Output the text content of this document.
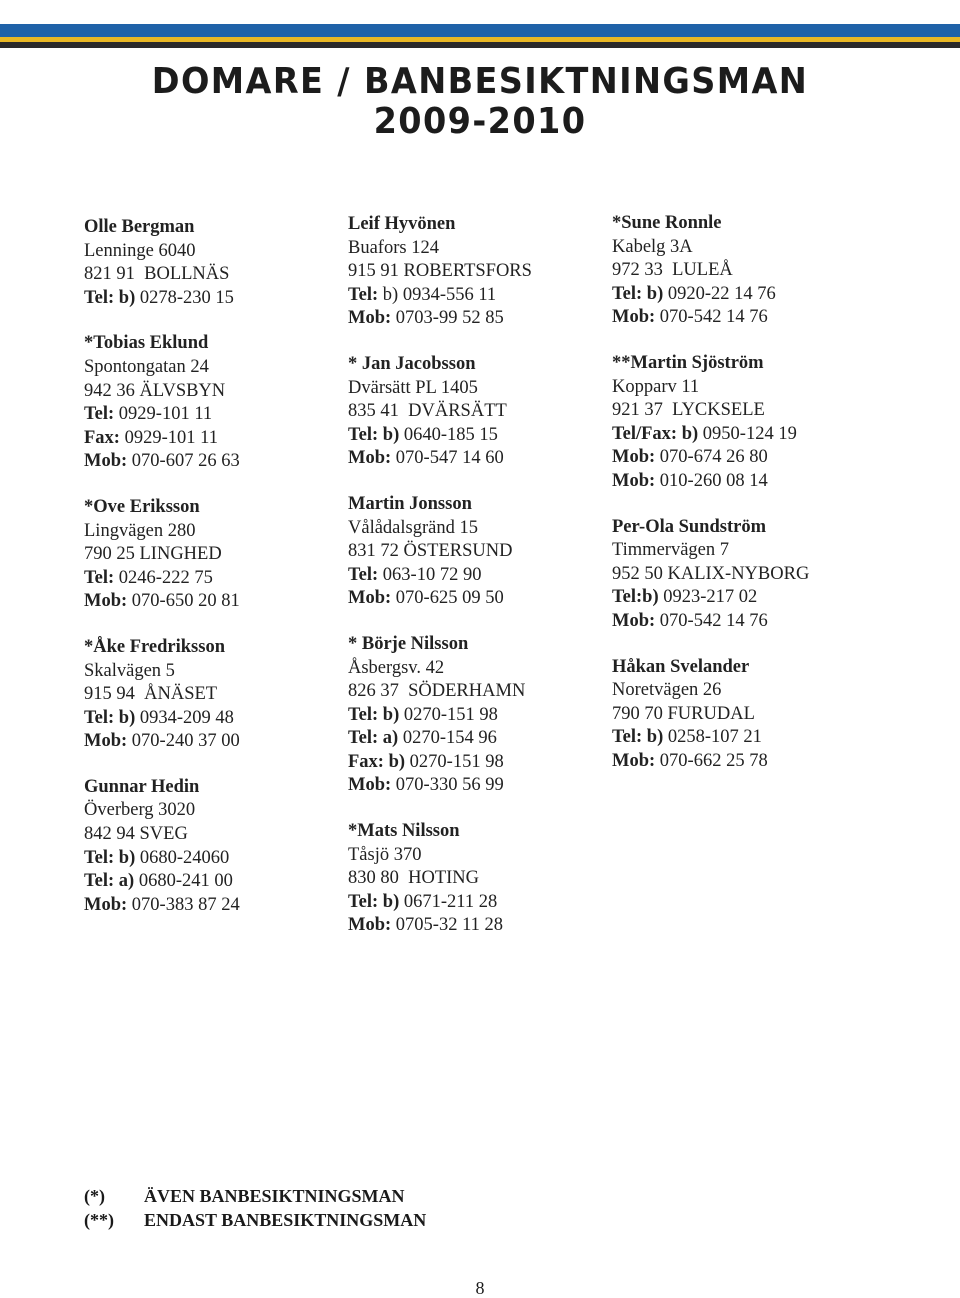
DOMARE / BANBESIKTNINGSMAN
2009-2010
Olle Bergman
Lenninge 6040
821 91  BOLLNÄS
Tel: b) 0278-230 15
*Tobias Eklund
Spontongatan 24
942 36 ÄLVSBYN
Tel: 0929-101 11
Fax: 0929-101 11
Mob: 070-607 26 63
*Ove Eriksson
Lingvägen 280
790 25 LINGHED
Tel: 0246-222 75
Mob: 070-650 20 81
*Åke Fredriksson
Skalvägen 5
915 94  ÅNÄSET
Tel: b) 0934-209 48
Mob: 070-240 37 00
Gunnar Hedin
Överberg 3020
842 94 SVEG
Tel: b) 0680-24060
Tel: a) 0680-241 00
Mob: 070-383 87 24
Leif Hyvönen
Buafors 124
915 91 ROBERTSFORS
Tel: b) 0934-556 11
Mob: 0703-99 52 85
* Jan Jacobsson
Dvärsätt PL 1405
835 41  DVÄRSÄTT
Tel: b) 0640-185 15
Mob: 070-547 14 60
Martin Jonsson
Vålådalsgränd 15
831 72 ÖSTERSUND
Tel: 063-10 72 90
Mob: 070-625 09 50
* Börje Nilsson
Åsbergsv. 42
826 37  SÖDERHAMN
Tel: b) 0270-151 98
Tel: a) 0270-154 96
Fax: b) 0270-151 98
Mob: 070-330 56 99
*Mats Nilsson
Tåsjö 370
830 80  HOTING
Tel: b) 0671-211 28
Mob: 0705-32 11 28
*Sune Ronnle
Kabelg 3A
972 33  LULEÅ
Tel: b) 0920-22 14 76
Mob: 070-542 14 76
**Martin Sjöström
Kopparv 11
921 37  LYCKSELE
Tel/Fax: b) 0950-124 19
Mob: 070-674 26 80
Mob: 010-260 08 14
Per-Ola Sundström
Timmervägen 7
952 50 KALIX-NYBORG
Tel:b) 0923-217 02
Mob: 070-542 14 76
Håkan Svelander
Noretvägen 26
790 70 FURUDAL
Tel: b) 0258-107 21
Mob: 070-662 25 78
(*) ÄVEN BANBESIKTNINGSMAN
(**) ENDAST BANBESIKTNINGSMAN
8
